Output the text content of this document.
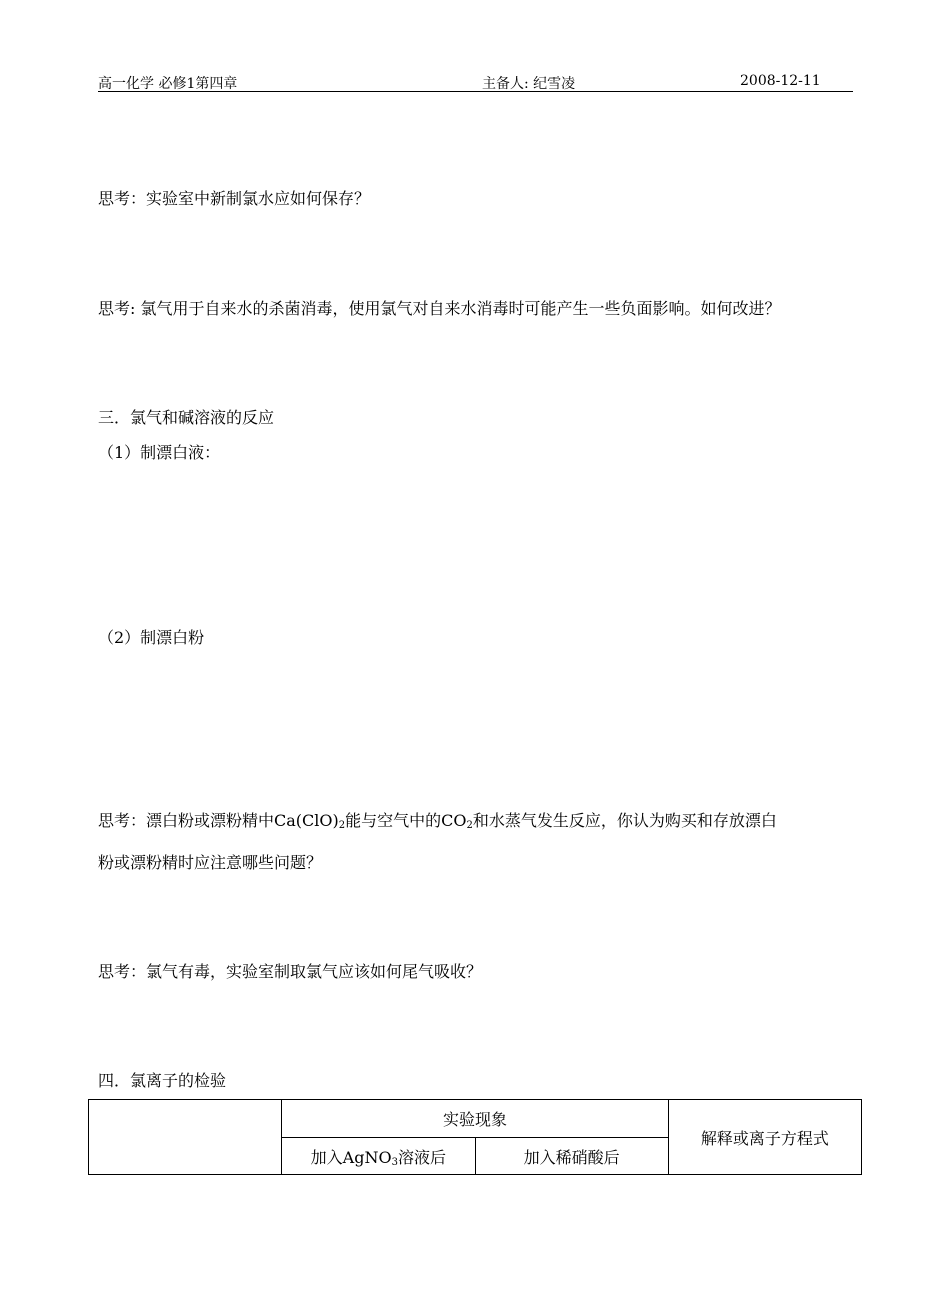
高一化学 必修1第四章	主备人: 纪雪凌	2008-12-11
思考：实验室中新制氯水应如何保存？
思考: 氯气用于自来水的杀菌消毒，使用氯气对自来水消毒时可能产生一些负面影响。如何改进？
三．氯气和碱溶液的反应
（1）制漂白液：
（2）制漂白粉
思考：漂白粉或漂粉精中$Ca(ClO)_2$能与空气中的$CO_2$和水蒸气发生反应，你认为购买和存放漂白
粉或漂粉精时应注意哪些问题？
思考：氯气有毒，实验室制取氯气应该如何尾气吸收？
四．氯离子的检验
	实验现象		解释或离子方程式
	加入AgNO$_3$溶液后	加入稀硝酸后	
